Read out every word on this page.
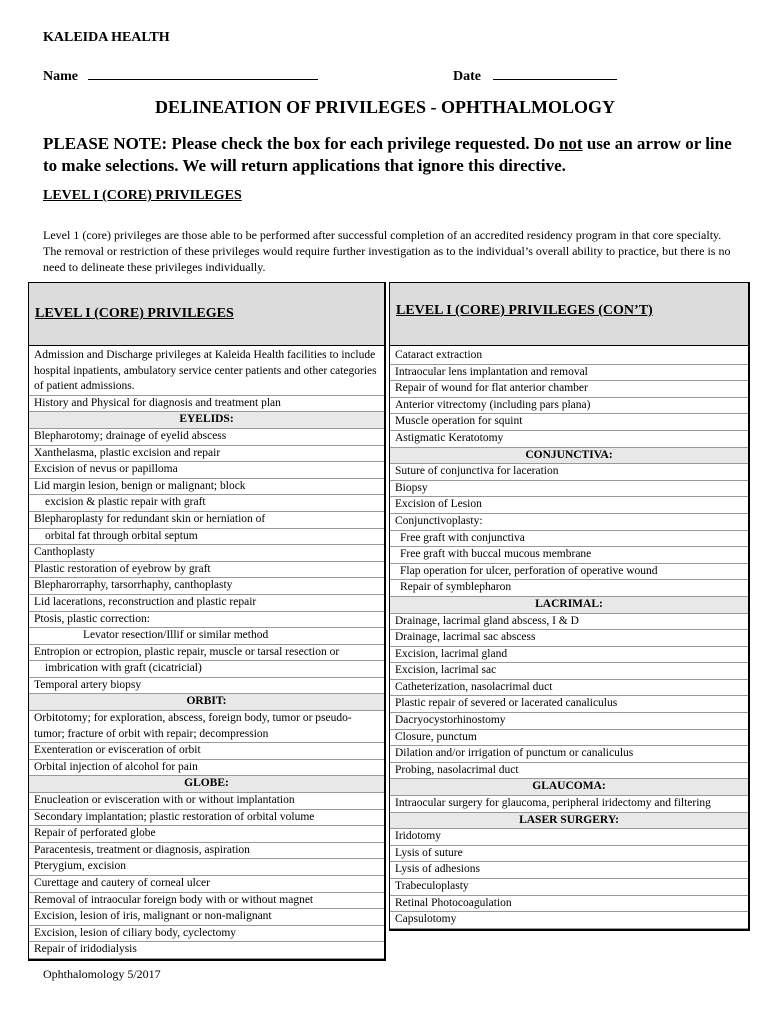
KALEIDA HEALTH
Name	Date
DELINEATION OF PRIVILEGES - OPHTHALMOLOGY
PLEASE NOTE: Please check the box for each privilege requested. Do not use an arrow or line to make selections. We will return applications that ignore this directive.
LEVEL I (CORE) PRIVILEGES
Level 1 (core) privileges are those able to be performed after successful completion of an accredited residency program in that core specialty. The removal or restriction of these privileges would require further investigation as to the individual’s overall ability to practice, but there is no need to delineate these privileges individually.
LEVEL I (CORE) PRIVILEGES
Admission and Discharge privileges at Kaleida Health facilities to include hospital inpatients, ambulatory service center patients and other categories of patient admissions.
History and Physical for diagnosis and treatment plan
EYELIDS:
Blepharotomy; drainage of eyelid abscess
Xanthelasma, plastic excision and repair
Excision of nevus or papilloma
Lid margin lesion, benign or malignant; block
excision & plastic repair with graft
Blepharoplasty for redundant skin or herniation of
orbital fat through orbital septum
Canthoplasty
Plastic restoration of eyebrow by graft
Blepharorraphy, tarsorrhaphy, canthoplasty
Lid lacerations, reconstruction and plastic repair
Ptosis, plastic correction:
Levator resection/Illif or similar method
Entropion or ectropion, plastic repair, muscle or tarsal resection or
imbrication with graft (cicatricial)
Temporal artery biopsy
ORBIT:
Orbitotomy; for exploration, abscess, foreign body, tumor or pseudo-tumor; fracture of orbit with repair; decompression
Exenteration or evisceration of orbit
Orbital injection of alcohol for pain
GLOBE:
Enucleation or evisceration with or without implantation
Secondary implantation; plastic restoration of orbital volume
Repair of perforated globe
Paracentesis, treatment or diagnosis, aspiration
Pterygium, excision
Curettage and cautery of corneal ulcer
Removal of intraocular foreign body with or without magnet
Excision, lesion of iris, malignant or non-malignant
Excision, lesion of ciliary body, cyclectomy
Repair of iridodialysis
LEVEL I (CORE) PRIVILEGES (CON’T)
Cataract extraction
Intraocular lens implantation and removal
Repair of wound for flat anterior chamber
Anterior vitrectomy (including pars plana)
Muscle operation for squint
Astigmatic Keratotomy
CONJUNCTIVA:
Suture of conjunctiva for laceration
Biopsy
Excision of Lesion
Conjunctivoplasty:
Free graft with conjunctiva
Free graft with buccal mucous membrane
Flap operation for ulcer, perforation of operative wound
Repair of symblepharon
LACRIMAL:
Drainage, lacrimal gland abscess, I & D
Drainage, lacrimal sac abscess
Excision, lacrimal gland
Excision, lacrimal sac
Catheterization, nasolacrimal duct
Plastic repair of severed or lacerated canaliculus
Dacryocystorhinostomy
Closure, punctum
Dilation and/or irrigation of punctum or canaliculus
Probing, nasolacrimal duct
GLAUCOMA:
Intraocular surgery for glaucoma, peripheral iridectomy and filtering
LASER SURGERY:
Iridotomy
Lysis of suture
Lysis of adhesions
Trabeculoplasty
Retinal Photocoagulation
Capsulotomy
Ophthalomology 5/2017
